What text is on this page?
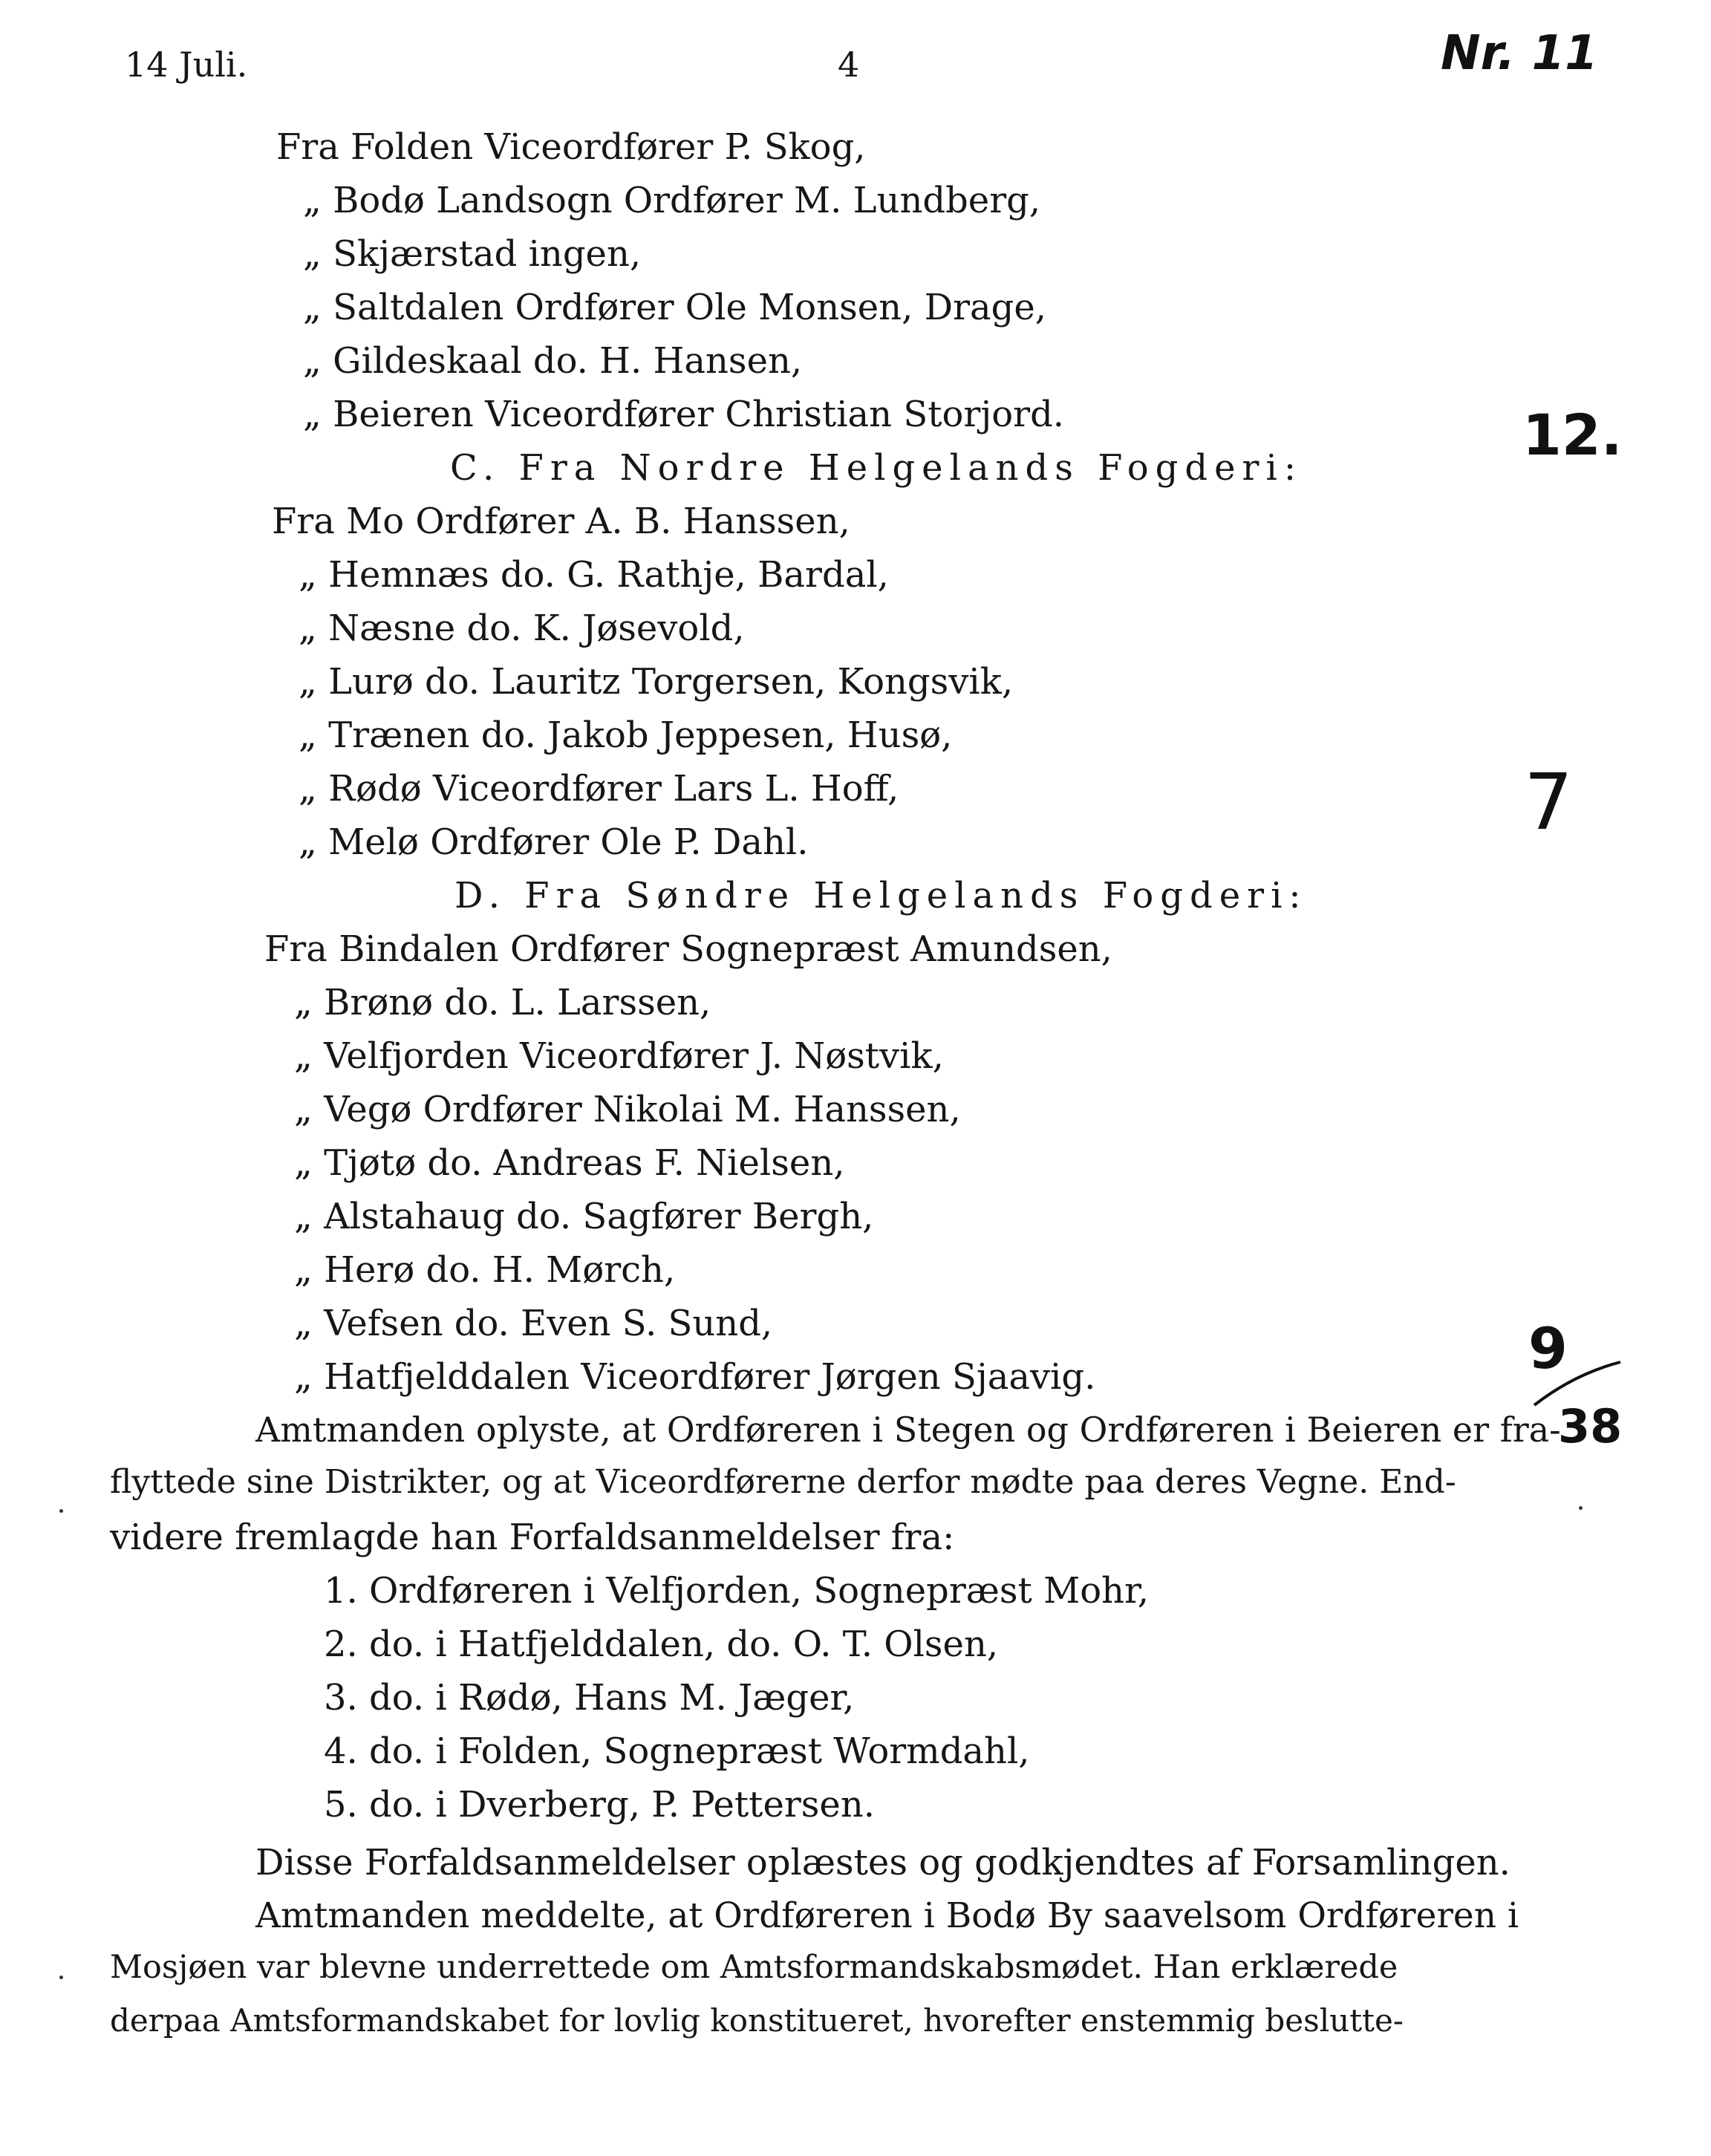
14 Juli.	4	Nr. 11
12.
7
9
38
Fra Folden Viceordfører P. Skog,
„ Bodø Landsogn Ordfører M. Lundberg,
„ Skjærstad ingen,
„ Saltdalen Ordfører Ole Monsen, Drage,
„ Gildeskaal do. H. Hansen,
„ Beieren Viceordfører Christian Storjord.
C. Fra Nordre Helgelands Fogderi:
Fra Mo Ordfører A. B. Hanssen,
„ Hemnæs do. G. Rathje, Bardal,
„ Næsne do. K. Jøsevold,
„ Lurø do. Lauritz Torgersen, Kongsvik,
„ Trænen do. Jakob Jeppesen, Husø,
„ Rødø Viceordfører Lars L. Hoff,
„ Melø Ordfører Ole P. Dahl.
D. Fra Søndre Helgelands Fogderi:
Fra Bindalen Ordfører Sognepræst Amundsen,
„ Brønø do. L. Larssen,
„ Velfjorden Viceordfører J. Nøstvik,
„ Vegø Ordfører Nikolai M. Hanssen,
„ Tjøtø do. Andreas F. Nielsen,
„ Alstahaug do. Sagfører Bergh,
„ Herø do. H. Mørch,
„ Vefsen do. Even S. Sund,
„ Hatfjelddalen Viceordfører Jørgen Sjaavig.
Amtmanden oplyste, at Ordføreren i Stegen og Ordføreren i Beieren er fra-
flyttede sine Distrikter, og at Viceordførerne derfor mødte paa deres Vegne. End-
videre fremlagde han Forfaldsanmeldelser fra:
1. Ordføreren i Velfjorden, Sognepræst Mohr,
2. do. i Hatfjelddalen, do. O. T. Olsen,
3. do. i Rødø, Hans M. Jæger,
4. do. i Folden, Sognepræst Wormdahl,
5. do. i Dverberg, P. Pettersen.
Disse Forfaldsanmeldelser oplæstes og godkjendtes af Forsamlingen.
Amtmanden meddelte, at Ordføreren i Bodø By saavelsom Ordføreren i
Mosjøen var blevne underrettede om Amtsformandskabsmødet. Han erklærede
derpaa Amtsformandskabet for lovlig konstitueret, hvorefter enstemmig beslutte-
